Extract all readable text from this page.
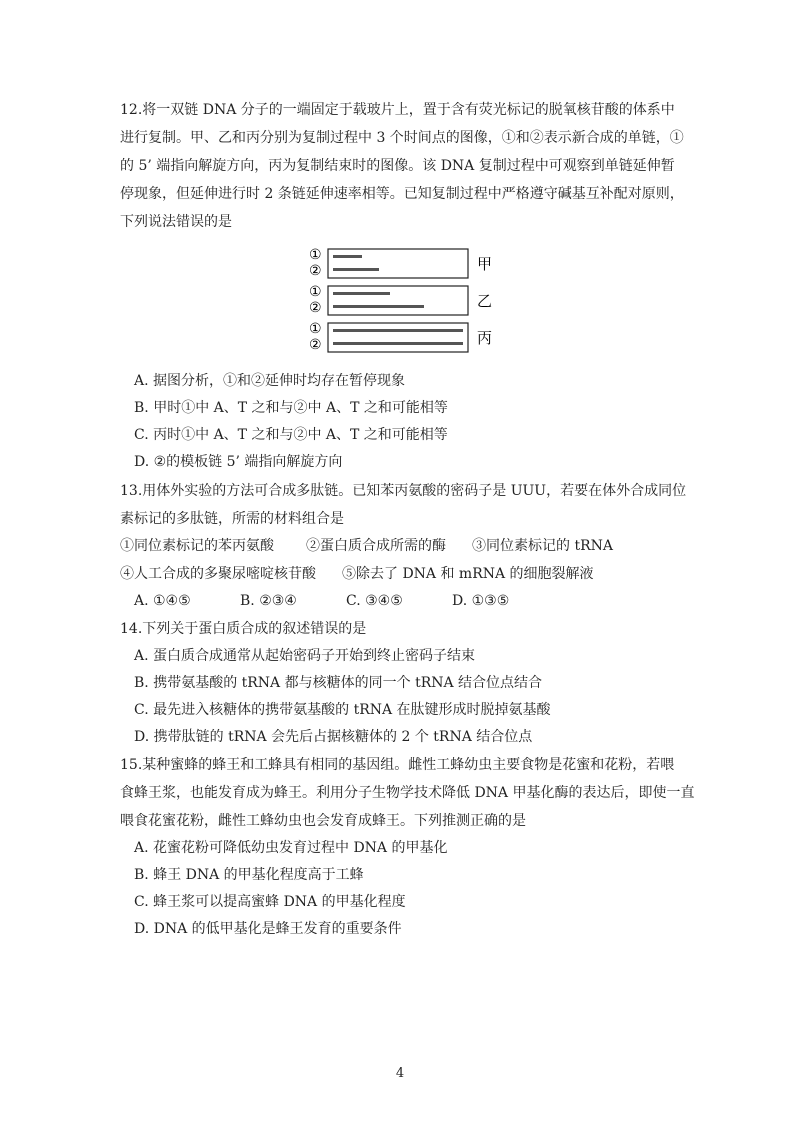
12.将一双链 DNA 分子的一端固定于载玻片上，置于含有荧光标记的脱氧核苷酸的体系中
进行复制。甲、乙和丙分别为复制过程中 3 个时间点的图像，①和②表示新合成的单链，①
的 5’ 端指向解旋方向，丙为复制结束时的图像。该 DNA 复制过程中可观察到单链延伸暂
停现象，但延伸进行时 2 条链延伸速率相等。已知复制过程中严格遵守碱基互补配对原则，
下列说法错误的是
①
②	甲
①
②	乙
①
②	丙
A. 据图分析，①和②延伸时均存在暂停现象
B. 甲时①中 A、T 之和与②中 A、T 之和可能相等
C. 丙时①中 A、T 之和与②中 A、T 之和可能相等
D. ②的模板链 5’ 端指向解旋方向
13.用体外实验的方法可合成多肽链。已知苯丙氨酸的密码子是 UUU，若要在体外合成同位
素标记的多肽链，所需的材料组合是
①同位素标记的苯丙氨酸 ②蛋白质合成所需的酶 ③同位素标记的 tRNA
④人工合成的多聚尿嘧啶核苷酸 ⑤除去了 DNA 和 mRNA 的细胞裂解液
A. ①④⑤	B. ②③④	C. ③④⑤	D. ①③⑤
14.下列关于蛋白质合成的叙述错误的是
A. 蛋白质合成通常从起始密码子开始到终止密码子结束
B. 携带氨基酸的 tRNA 都与核糖体的同一个 tRNA 结合位点结合
C. 最先进入核糖体的携带氨基酸的 tRNA 在肽键形成时脱掉氨基酸
D. 携带肽链的 tRNA 会先后占据核糖体的 2 个 tRNA 结合位点
15.某种蜜蜂的蜂王和工蜂具有相同的基因组。雌性工蜂幼虫主要食物是花蜜和花粉，若喂
食蜂王浆，也能发育成为蜂王。利用分子生物学技术降低 DNA 甲基化酶的表达后，即使一直
喂食花蜜花粉，雌性工蜂幼虫也会发育成蜂王。下列推测正确的是
A. 花蜜花粉可降低幼虫发育过程中 DNA 的甲基化
B. 蜂王 DNA 的甲基化程度高于工蜂
C. 蜂王浆可以提高蜜蜂 DNA 的甲基化程度
D. DNA 的低甲基化是蜂王发育的重要条件
4
